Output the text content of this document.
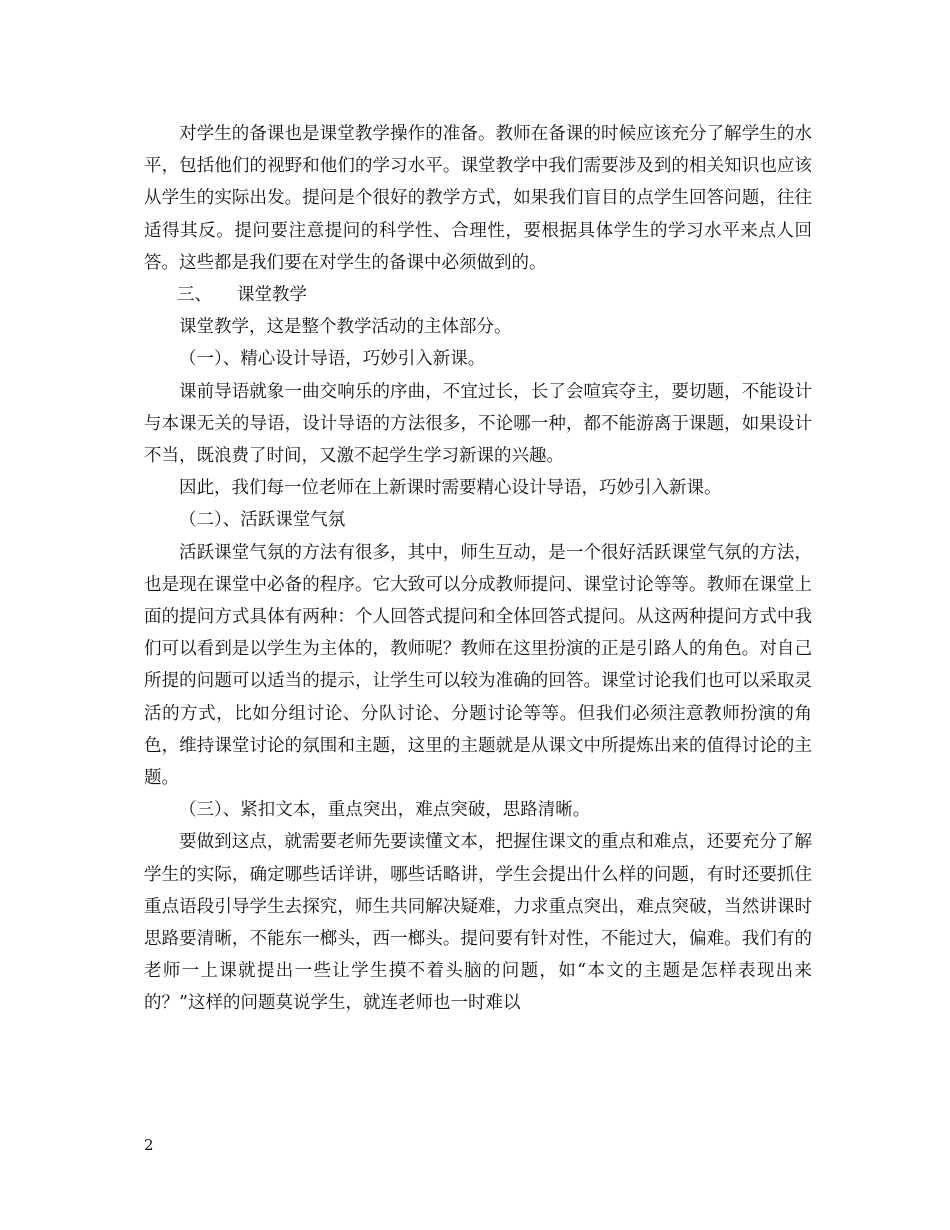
对学生的备课也是课堂教学操作的准备。教师在备课的时候应该充分了解学生的水平，包括他们的视野和他们的学习水平。课堂教学中我们需要涉及到的相关知识也应该从学生的实际出发。提问是个很好的教学方式，如果我们盲目的点学生回答问题，往往适得其反。提问要注意提问的科学性、合理性，要根据具体学生的学习水平来点人回答。这些都是我们要在对学生的备课中必须做到的。

三、 课堂教学

课堂教学，这是整个教学活动的主体部分。

（一）、精心设计导语，巧妙引入新课。

课前导语就象一曲交响乐的序曲，不宜过长，长了会喧宾夺主，要切题，不能设计与本课无关的导语，设计导语的方法很多，不论哪一种，都不能游离于课题，如果设计不当，既浪费了时间，又激不起学生学习新课的兴趣。

因此，我们每一位老师在上新课时需要精心设计导语，巧妙引入新课。

（二）、活跃课堂气氛

活跃课堂气氛的方法有很多，其中，师生互动，是一个很好活跃课堂气氛的方法，也是现在课堂中必备的程序。它大致可以分成教师提问、课堂讨论等等。教师在课堂上面的提问方式具体有两种：个人回答式提问和全体回答式提问。从这两种提问方式中我们可以看到是以学生为主体的，教师呢？教师在这里扮演的正是引路人的角色。对自己所提的问题可以适当的提示，让学生可以较为准确的回答。课堂讨论我们也可以采取灵活的方式，比如分组讨论、分队讨论、分题讨论等等。但我们必须注意教师扮演的角色，维持课堂讨论的氛围和主题，这里的主题就是从课文中所提炼出来的值得讨论的主题。

（三）、紧扣文本，重点突出，难点突破，思路清晰。

要做到这点，就需要老师先要读懂文本，把握住课文的重点和难点，还要充分了解学生的实际，确定哪些话详讲，哪些话略讲，学生会提出什么样的问题，有时还要抓住重点语段引导学生去探究，师生共同解决疑难，力求重点突出，难点突破，当然讲课时思路要清晰，不能东一榔头，西一榔头。提问要有针对性，不能过大，偏难。我们有的老师一上课就提出一些让学生摸不着头脑的问题，如“本文的主题是怎样表现出来的？”这样的问题莫说学生，就连老师也一时难以

2
